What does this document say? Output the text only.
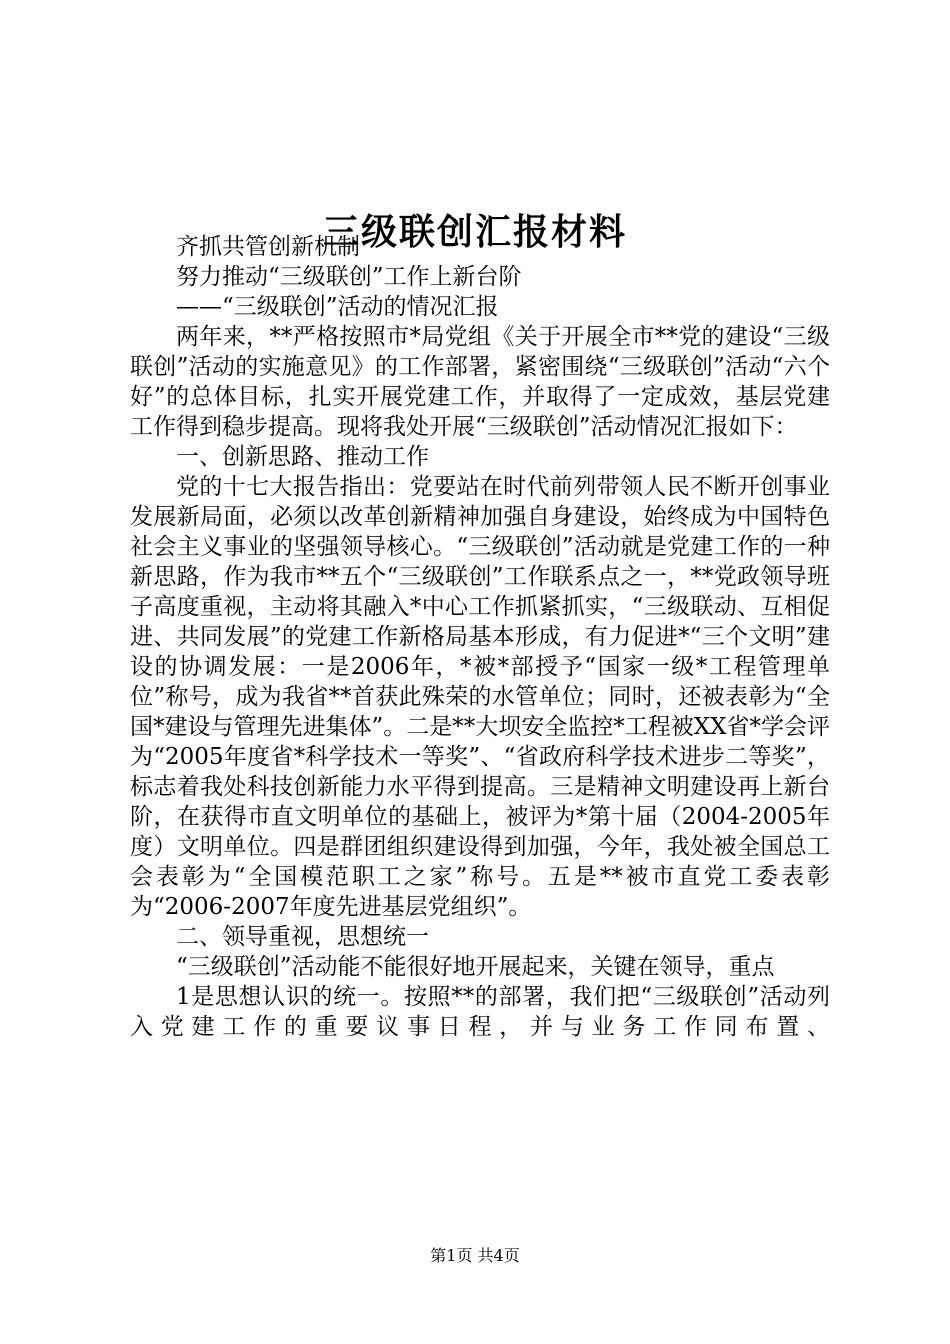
三级联创汇报材料

齐抓共管创新机制

努力推动“三级联创”工作上新台阶

——“三级联创”活动的情况汇报

两年来，**严格按照市*局党组《关于开展全市**党的建设“三级联创”活动的实施意见》的工作部署，紧密围绕“三级联创”活动“六个好”的总体目标，扎实开展党建工作，并取得了一定成效，基层党建工作得到稳步提高。现将我处开展“三级联创”活动情况汇报如下：

一、创新思路、推动工作

党的十七大报告指出：党要站在时代前列带领人民不断开创事业发展新局面，必须以改革创新精神加强自身建设，始终成为中国特色社会主义事业的坚强领导核心。“三级联创”活动就是党建工作的一种新思路，作为我市**五个“三级联创”工作联系点之一，**党政领导班子高度重视，主动将其融入*中心工作抓紧抓实，“三级联动、互相促进、共同发展”的党建工作新格局基本形成，有力促进*“三个文明”建设的协调发展：一是2006年，*被*部授予“国家一级*工程管理单位”称号，成为我省**首获此殊荣的水管单位；同时，还被表彰为“全国*建设与管理先进集体”。二是**大坝安全监控*工程被XX省*学会评为“2005年度省*科学技术一等奖”、“省政府科学技术进步二等奖”，标志着我处科技创新能力水平得到提高。三是精神文明建设再上新台阶，在获得市直文明单位的基础上，被评为*第十届（2004-2005年度）文明单位。四是群团组织建设得到加强，今年，我处被全国总工会表彰为“全国模范职工之家”称号。五是**被市直党工委表彰为“2006-2007年度先进基层党组织”。

二、领导重视，思想统一

“三级联创”活动能不能很好地开展起来，关键在领导，重点

1是思想认识的统一。按照**的部署，我们把“三级联创”活动列入党建工作的重要议事日程，并与业务工作同布置、

第1页 共4页
